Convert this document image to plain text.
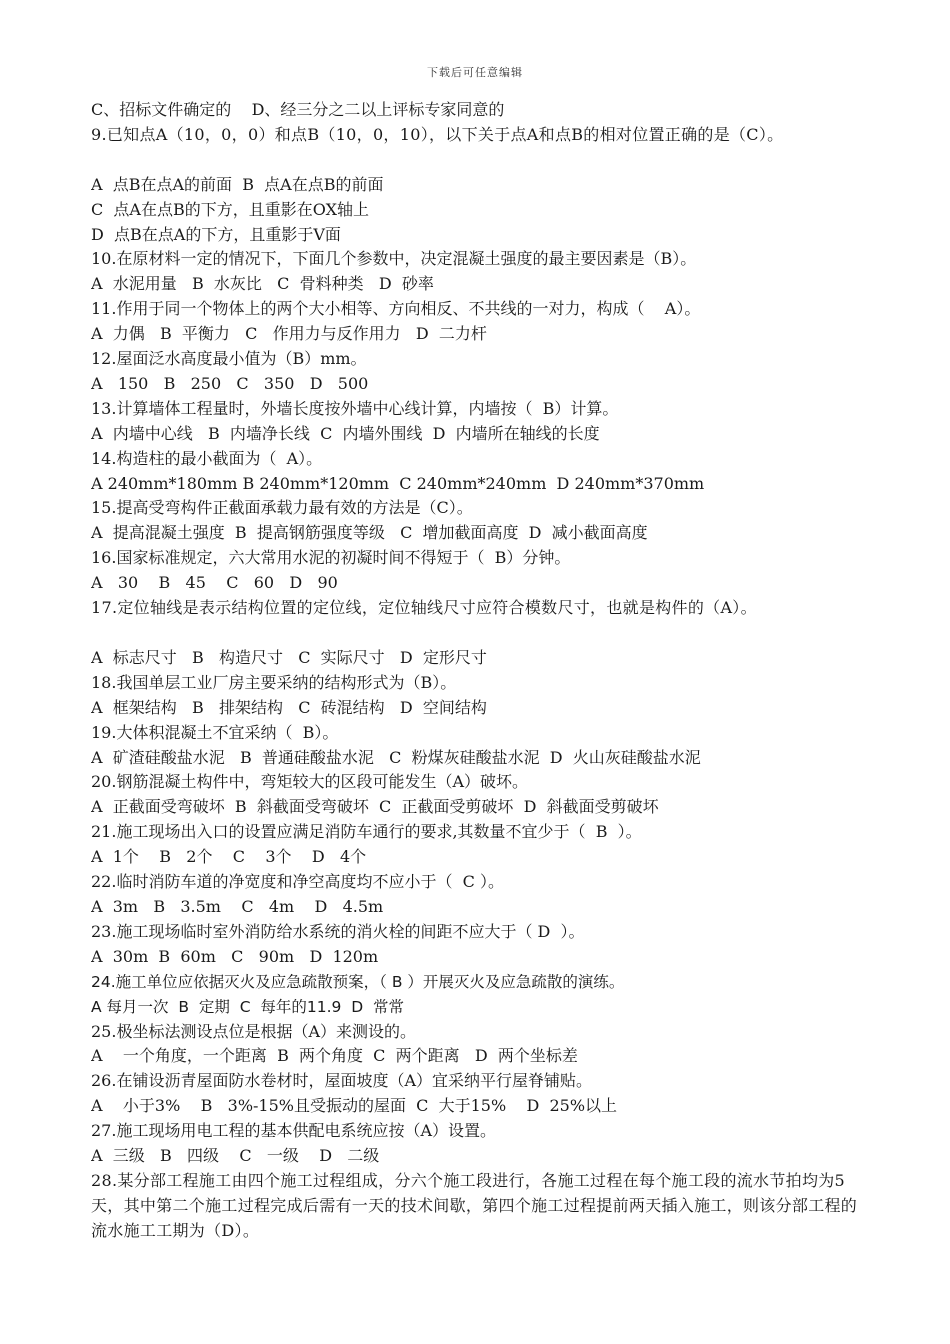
下载后可任意编辑
C、招标文件确定的    D、经三分之二以上评标专家同意的
9.已知点A（10，0，0）和点B（10，0，10），以下关于点A和点B的相对位置正确的是（C）。
A  点B在点A的前面  B  点A在点B的前面
C  点A在点B的下方，且重影在OX轴上
D  点B在点A的下方，且重影于V面
10.在原材料一定的情况下，下面几个参数中，决定混凝土强度的最主要因素是（B）。
A  水泥用量   B  水灰比   C  骨料种类   D  砂率
11.作用于同一个物体上的两个大小相等、方向相反、不共线的一对力，构成（    A）。
A  力偶   B  平衡力   C   作用力与反作用力   D  二力杆
12.屋面泛水高度最小值为（B）mm。
A   150   B   250   C   350   D   500
13.计算墙体工程量时，外墙长度按外墙中心线计算，内墙按（  B）计算。
A  内墙中心线   B  内墙净长线  C  内墙外围线  D  内墙所在轴线的长度
14.构造柱的最小截面为（  A）。
A 240mm*180mm B 240mm*120mm  C 240mm*240mm  D 240mm*370mm
15.提高受弯构件正截面承载力最有效的方法是（C）。
A  提高混凝土强度  B  提高钢筋强度等级   C  增加截面高度  D  减小截面高度
16.国家标准规定，六大常用水泥的初凝时间不得短于（  B）分钟。
A   30    B   45    C   60   D   90
17.定位轴线是表示结构位置的定位线，定位轴线尺寸应符合模数尺寸，也就是构件的（A）。
A  标志尺寸   B   构造尺寸   C  实际尺寸   D  定形尺寸
18.我国单层工业厂房主要采纳的结构形式为（B）。
A  框架结构   B   排架结构   C  砖混结构   D  空间结构
19.大体积混凝土不宜采纳（  B）。
A  矿渣硅酸盐水泥   B  普通硅酸盐水泥   C  粉煤灰硅酸盐水泥  D  火山灰硅酸盐水泥
20.钢筋混凝土构件中，弯矩较大的区段可能发生（A）破坏。
A  正截面受弯破坏  B  斜截面受弯破坏  C  正截面受剪破坏  D  斜截面受剪破坏
21.施工现场出入口的设置应满足消防车通行的要求,其数量不宜少于（  B  ）。
A  1个    B   2个    C    3个    D   4个
22.临时消防车道的净宽度和净空高度均不应小于（  C ）。
A  3m   B   3.5m    C   4m    D   4.5m
23.施工现场临时室外消防给水系统的消火栓的间距不应大于（ D  ）。
A  30m  B  60m   C   90m   D  120m
24.施工单位应依据灭火及应急疏散预案，（ B ）开展灭火及应急疏散的演练。
A 每月一次  B  定期  C  每年的11.9  D  常常
25.极坐标法测设点位是根据（A）来测设的。
A    一个角度，一个距离  B  两个角度  C  两个距离   D  两个坐标差
26.在铺设沥青屋面防水卷材时，屋面坡度（A）宜采纳平行屋脊铺贴。
A    小于3%    B   3%-15%且受振动的屋面  C  大于15%    D  25%以上
27.施工现场用电工程的基本供配电系统应按（A）设置。
A  三级   B   四级    C   一级    D   二级
28.某分部工程施工由四个施工过程组成，分六个施工段进行，各施工过程在每个施工段的流水节拍均为5天，其中第二个施工过程完成后需有一天的技术间歇，第四个施工过程提前两天插入施工，则该分部工程的流水施工工期为（D）。
